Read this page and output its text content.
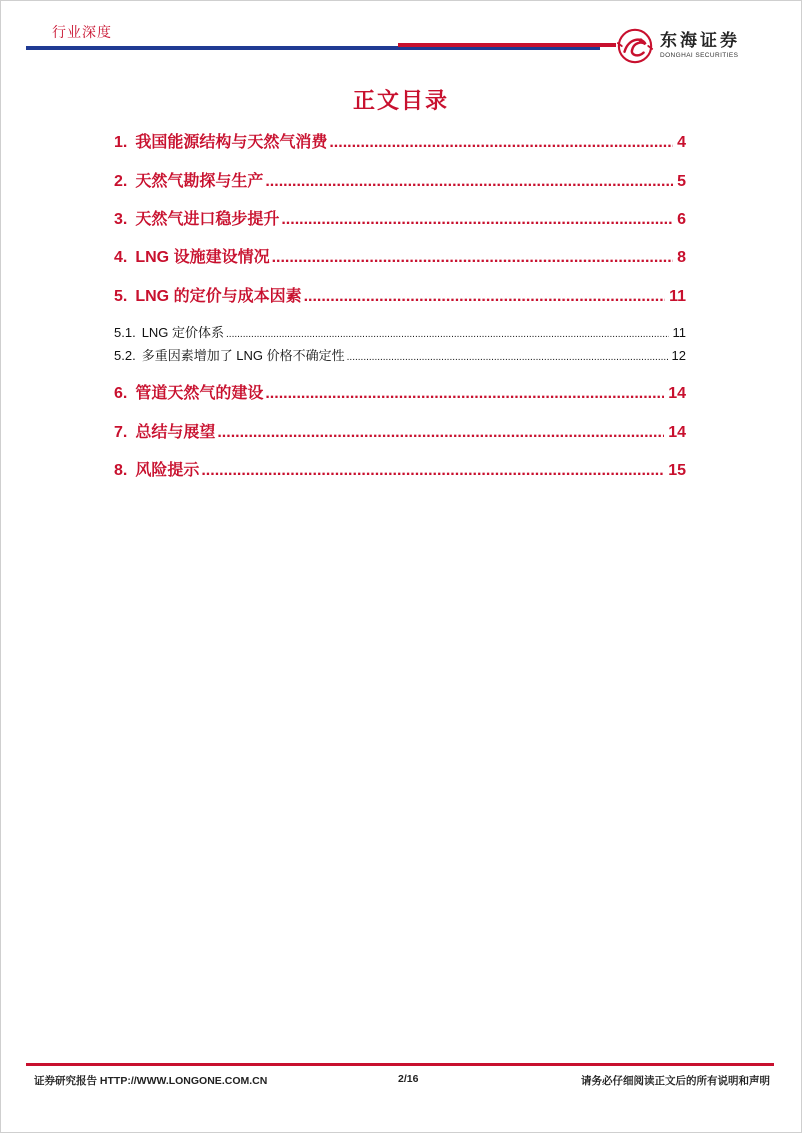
行业深度	东海证券
DONGHAI SECURITIES
正文目录
1. 我国能源结构与天然气消费 .....	4
2. 天然气勘探与生产 .....	5
3. 天然气进口稳步提升 .....	6
4. LNG 设施建设情况 .....	8
5. LNG 的定价与成本因素 .....	11
5.1. LNG 定价体系 .....	11
5.2. 多重因素增加了 LNG 价格不确定性 .....	12
6. 管道天然气的建设 .....	14
7. 总结与展望 .....	14
8. 风险提示 .....	15
证券研究报告 HTTP://WWW.LONGONE.COM.CN	2/16	请务必仔细阅读正文后的所有说明和声明
